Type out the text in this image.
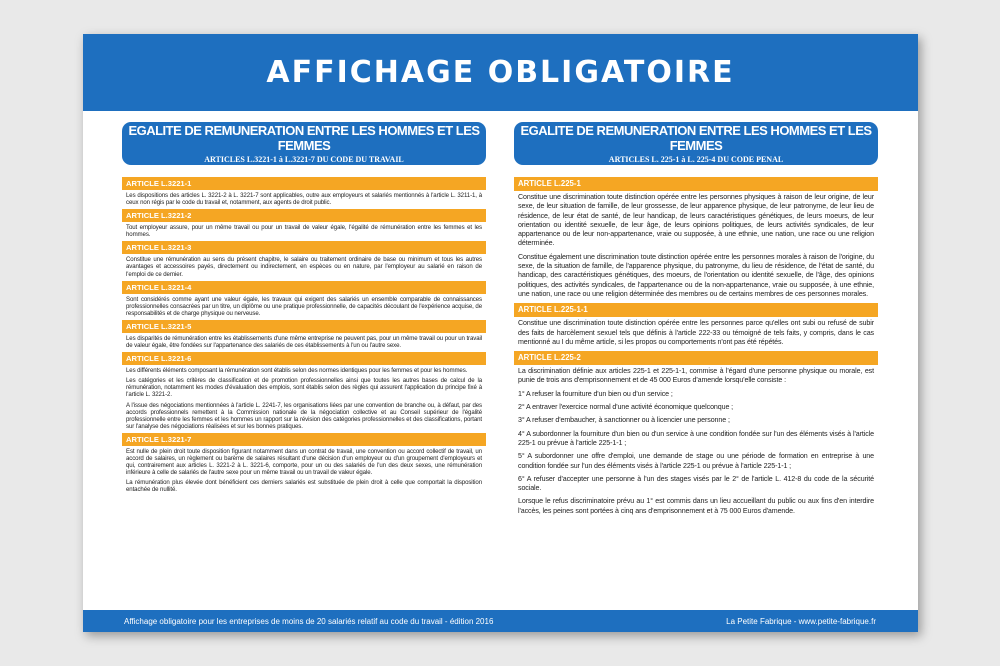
AFFICHAGE OBLIGATOIRE
EGALITE DE REMUNERATION ENTRE LES HOMMES ET LES FEMMES
ARTICLES L.3221-1 à L.3221-7 DU CODE DU TRAVAIL
ARTICLE L.3221-1
Les dispositions des articles L. 3221-2 à L. 3221-7 sont applicables, outre aux employeurs et salariés mentionnés à l'article L. 3211-1, à ceux non régis par le code du travail et, notamment, aux agents de droit public.
ARTICLE L.3221-2
Tout employeur assure, pour un même travail ou pour un travail de valeur égale, l'égalité de rémunération entre les femmes et les hommes.
ARTICLE L.3221-3
Constitue une rémunération au sens du présent chapitre, le salaire ou traitement ordinaire de base ou minimum et tous les autres avantages et accessoires payés, directement ou indirectement, en espèces ou en nature, par l'employeur au salarié en raison de l'emploi de ce dernier.
ARTICLE L.3221-4
Sont considérés comme ayant une valeur égale, les travaux qui exigent des salariés un ensemble comparable de connaissances professionnelles consacrées par un titre, un diplôme ou une pratique professionnelle, de capacités découlant de l'expérience acquise, de responsabilités et de charge physique ou nerveuse.
ARTICLE L.3221-5
Les disparités de rémunération entre les établissements d'une même entreprise ne peuvent pas, pour un même travail ou pour un travail de valeur égale, être fondées sur l'appartenance des salariés de ces établissements à l'un ou l'autre sexe.
ARTICLE L.3221-6
Les différents éléments composant la rémunération sont établis selon des normes identiques pour les femmes et pour les hommes.
Les catégories et les critères de classification et de promotion professionnelles ainsi que toutes les autres bases de calcul de la rémunération, notamment les modes d'évaluation des emplois, sont établis selon des règles qui assurent l'application du principe fixé à l'article L. 3221-2.
A l'issue des négociations mentionnées à l'article L. 2241-7, les organisations liées par une convention de branche ou, à défaut, par des accords professionnels remettent à la Commission nationale de la négociation collective et au Conseil supérieur de l'égalité professionnelle entre les femmes et les hommes un rapport sur la révision des catégories professionnelles et des classifications, portant sur l'analyse des négociations réalisées et sur les bonnes pratiques.
ARTICLE L.3221-7
Est nulle de plein droit toute disposition figurant notamment dans un contrat de travail, une convention ou accord collectif de travail, un accord de salaires, un règlement ou barème de salaires résultant d'une décision d'un employeur ou d'un groupement d'employeurs et qui, contrairement aux articles L. 3221-2 à L. 3221-6, comporte, pour un ou des salariés de l'un des deux sexes, une rémunération inférieure à celle de salariés de l'autre sexe pour un même travail ou un travail de valeur égale.
La rémunération plus élevée dont bénéficient ces derniers salariés est substituée de plein droit à celle que comportait la disposition entachée de nullité.
EGALITE DE REMUNERATION ENTRE LES HOMMES ET LES FEMMES
ARTICLES L. 225-1 à L. 225-4 DU CODE PENAL
ARTICLE L.225-1
Constitue une discrimination toute distinction opérée entre les personnes physiques à raison de leur origine, de leur sexe, de leur situation de famille, de leur grossesse, de leur apparence physique, de leur patronyme, de leur lieu de résidence, de leur état de santé, de leur handicap, de leurs caractéristiques génétiques, de leurs moeurs, de leur orientation ou identité sexuelle, de leur âge, de leurs opinions politiques, de leurs activités syndicales, de leur appartenance ou de leur non-appartenance, vraie ou supposée, à une ethnie, une nation, une race ou une religion déterminée.
Constitue également une discrimination toute distinction opérée entre les personnes morales à raison de l'origine, du sexe, de la situation de famille, de l'apparence physique, du patronyme, du lieu de résidence, de l'état de santé, du handicap, des caractéristiques génétiques, des moeurs, de l'orientation ou identité sexuelle, de l'âge, des opinions politiques, des activités syndicales, de l'appartenance ou de la non-appartenance, vraie ou supposée, à une ethnie, une nation, une race ou une religion déterminée des membres ou de certains membres de ces personnes morales.
ARTICLE L.225-1-1
Constitue une discrimination toute distinction opérée entre les personnes parce qu'elles ont subi ou refusé de subir des faits de harcèlement sexuel tels que définis à l'article 222-33 ou témoigné de tels faits, y compris, dans le cas mentionné au I du même article, si les propos ou comportements n'ont pas été répétés.
ARTICLE L.225-2
La discrimination définie aux articles 225-1 et 225-1-1, commise à l'égard d'une personne physique ou morale, est punie de trois ans d'emprisonnement et de 45 000 Euros d'amende lorsqu'elle consiste :
1° A refuser la fourniture d'un bien ou d'un service ;
2° A entraver l'exercice normal d'une activité économique quelconque ;
3° A refuser d'embaucher, à sanctionner ou à licencier une personne ;
4° A subordonner la fourniture d'un bien ou d'un service à une condition fondée sur l'un des éléments visés à l'article 225-1 ou prévue à l'article 225-1-1 ;
5° A subordonner une offre d'emploi, une demande de stage ou une période de formation en entreprise à une condition fondée sur l'un des éléments visés à l'article 225-1 ou prévue à l'article 225-1-1 ;
6° A refuser d'accepter une personne à l'un des stages visés par le 2° de l'article L. 412-8 du code de la sécurité sociale.
Lorsque le refus discriminatoire prévu au 1° est commis dans un lieu accueillant du public ou aux fins d'en interdire l'accès, les peines sont portées à cinq ans d'emprisonnement et à 75 000 Euros d'amende.
Affichage obligatoire pour les entreprises de moins de 20 salariés relatif au code du travail - édition 2016	La Petite Fabrique - www.petite-fabrique.fr
